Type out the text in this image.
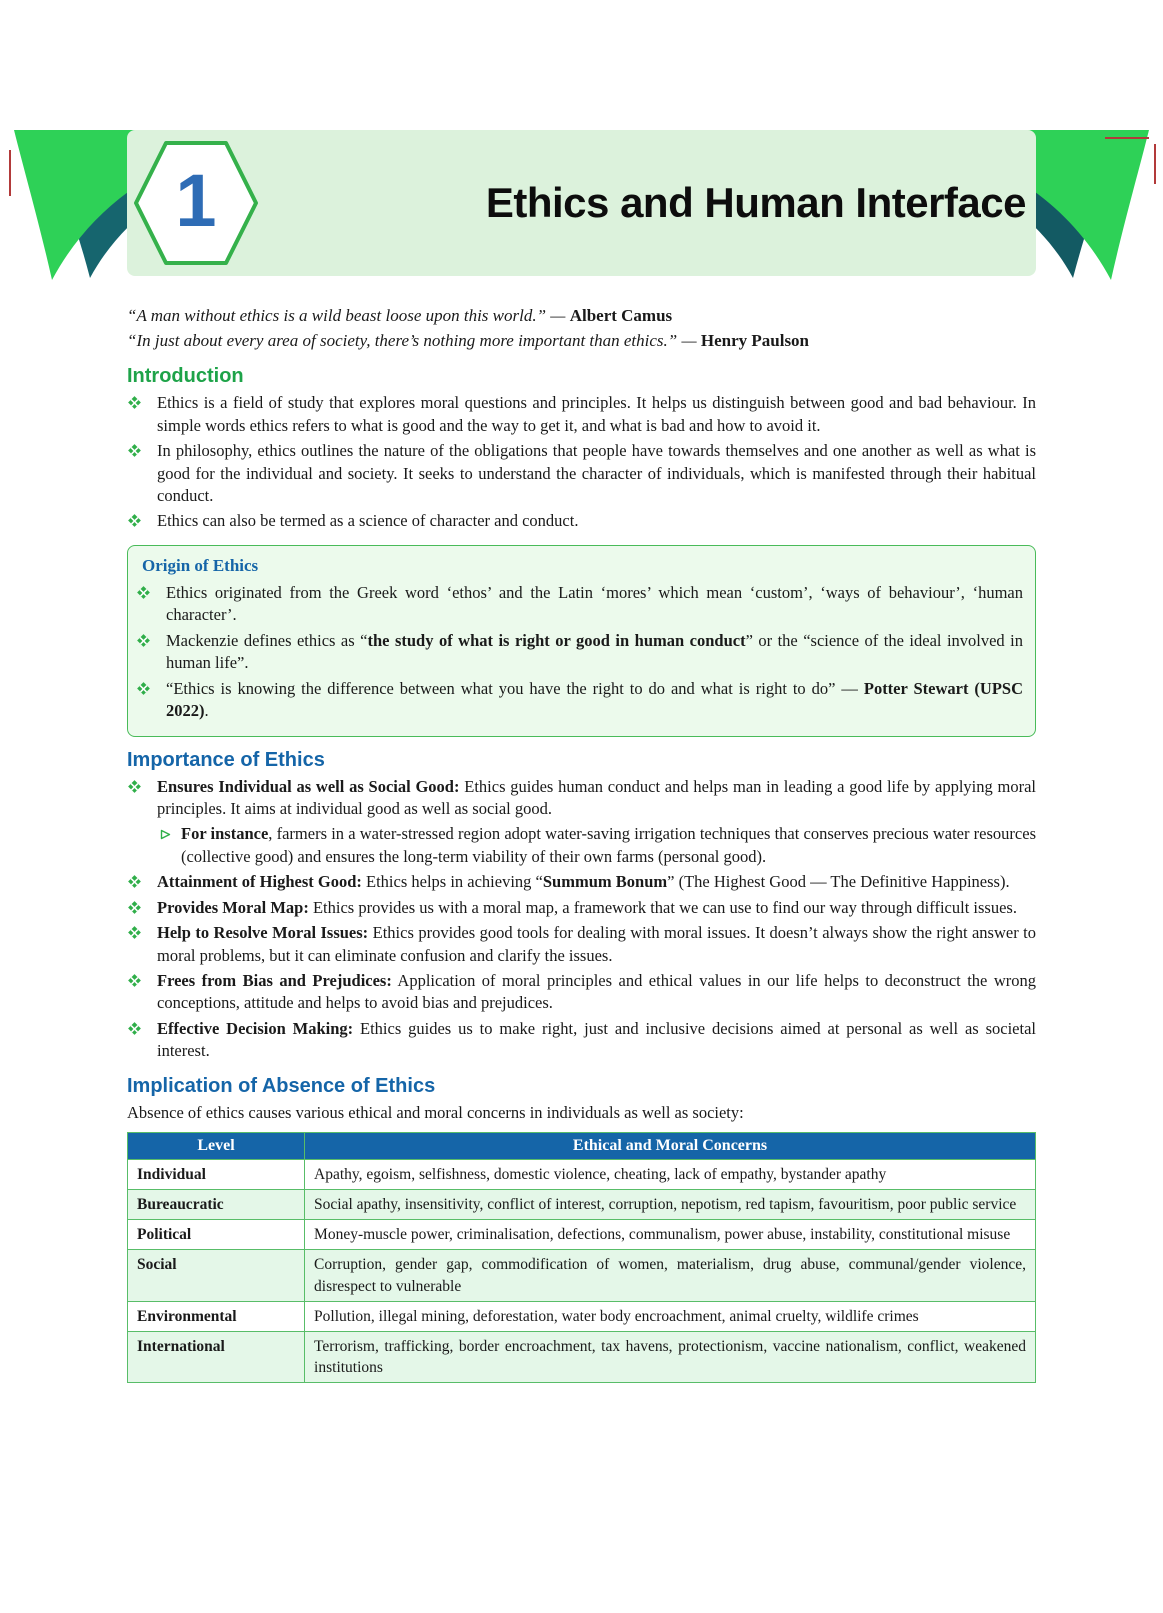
1	Ethics and Human Interface
“A man without ethics is a wild beast loose upon this world.” — Albert Camus
“In just about every area of society, there’s nothing more important than ethics.” — Henry Paulson
Introduction
Ethics is a field of study that explores moral questions and principles. It helps us distinguish between good and bad behaviour. In simple words ethics refers to what is good and the way to get it, and what is bad and how to avoid it.
In philosophy, ethics outlines the nature of the obligations that people have towards themselves and one another as well as what is good for the individual and society. It seeks to understand the character of individuals, which is manifested through their habitual conduct.
Ethics can also be termed as a science of character and conduct.
Origin of Ethics
Ethics originated from the Greek word ‘ethos’ and the Latin ‘mores’ which mean ‘custom’, ‘ways of behaviour’, ‘human character’.
Mackenzie defines ethics as “the study of what is right or good in human conduct” or the “science of the ideal involved in human life”.
“Ethics is knowing the difference between what you have the right to do and what is right to do” — Potter Stewart (UPSC 2022).
Importance of Ethics
Ensures Individual as well as Social Good: Ethics guides human conduct and helps man in leading a good life by applying moral principles. It aims at individual good as well as social good.
For instance, farmers in a water-stressed region adopt water-saving irrigation techniques that conserves precious water resources (collective good) and ensures the long-term viability of their own farms (personal good).
Attainment of Highest Good: Ethics helps in achieving “Summum Bonum” (The Highest Good — The Definitive Happiness).
Provides Moral Map: Ethics provides us with a moral map, a framework that we can use to find our way through difficult issues.
Help to Resolve Moral Issues: Ethics provides good tools for dealing with moral issues. It doesn’t always show the right answer to moral problems, but it can eliminate confusion and clarify the issues.
Frees from Bias and Prejudices: Application of moral principles and ethical values in our life helps to deconstruct the wrong conceptions, attitude and helps to avoid bias and prejudices.
Effective Decision Making: Ethics guides us to make right, just and inclusive decisions aimed at personal as well as societal interest.
Implication of Absence of Ethics
Absence of ethics causes various ethical and moral concerns in individuals as well as society:
Level	Ethical and Moral Concerns
Individual	Apathy, egoism, selfishness, domestic violence, cheating, lack of empathy, bystander apathy
Bureaucratic	Social apathy, insensitivity, conflict of interest, corruption, nepotism, red tapism, favouritism, poor public service
Political	Money-muscle power, criminalisation, defections, communalism, power abuse, instability, constitutional misuse
Social	Corruption, gender gap, commodification of women, materialism, drug abuse, communal/gender violence, disrespect to vulnerable
Environmental	Pollution, illegal mining, deforestation, water body encroachment, animal cruelty, wildlife crimes
International	Terrorism, trafficking, border encroachment, tax havens, protectionism, vaccine nationalism, conflict, weakened institutions
